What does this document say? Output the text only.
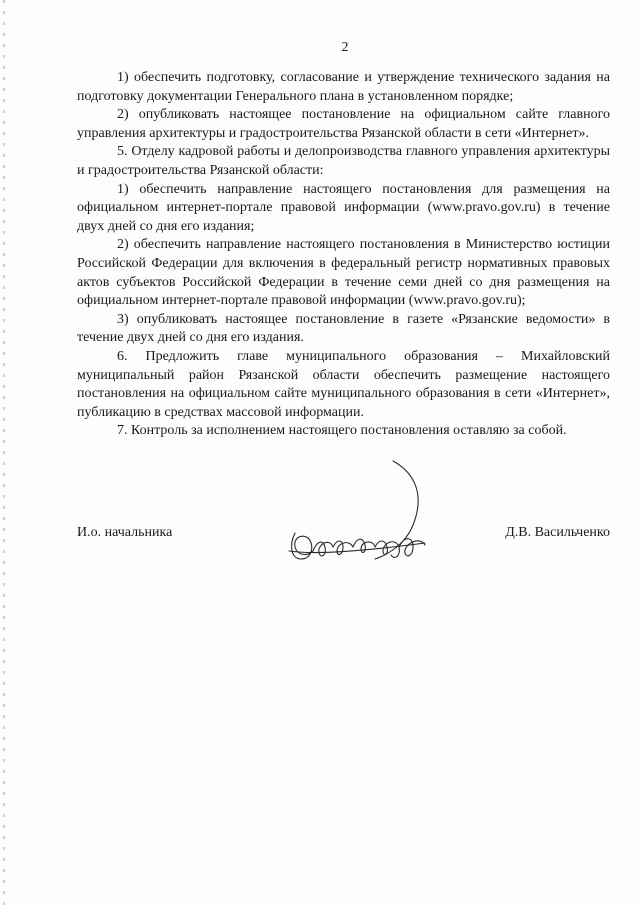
2

1) обеспечить подготовку, согласование и утверждение технического задания на подготовку документации Генерального плана в установленном порядке;

2) опубликовать настоящее постановление на официальном сайте главного управления архитектуры и градостроительства Рязанской области в сети «Интернет».

5. Отделу кадровой работы и делопроизводства главного управления архитектуры и градостроительства Рязанской области:

1) обеспечить направление настоящего постановления для размещения на официальном интернет-портале правовой информации (www.pravo.gov.ru) в течение двух дней со дня его издания;

2) обеспечить направление настоящего постановления в Министерство юстиции Российской Федерации для включения в федеральный регистр нормативных правовых актов субъектов Российской Федерации в течение семи дней со дня размещения на официальном интернет-портале правовой информации (www.pravo.gov.ru);

3) опубликовать настоящее постановление в газете «Рязанские ведомости» в течение двух дней со дня его издания.

6. Предложить главе муниципального образования – Михайловский муниципальный район Рязанской области обеспечить размещение настоящего постановления на официальном сайте муниципального образования в сети «Интернет», публикацию в средствах массовой информации.

7. Контроль за исполнением настоящего постановления оставляю за собой.

И.о. начальника	Д.В. Васильченко
